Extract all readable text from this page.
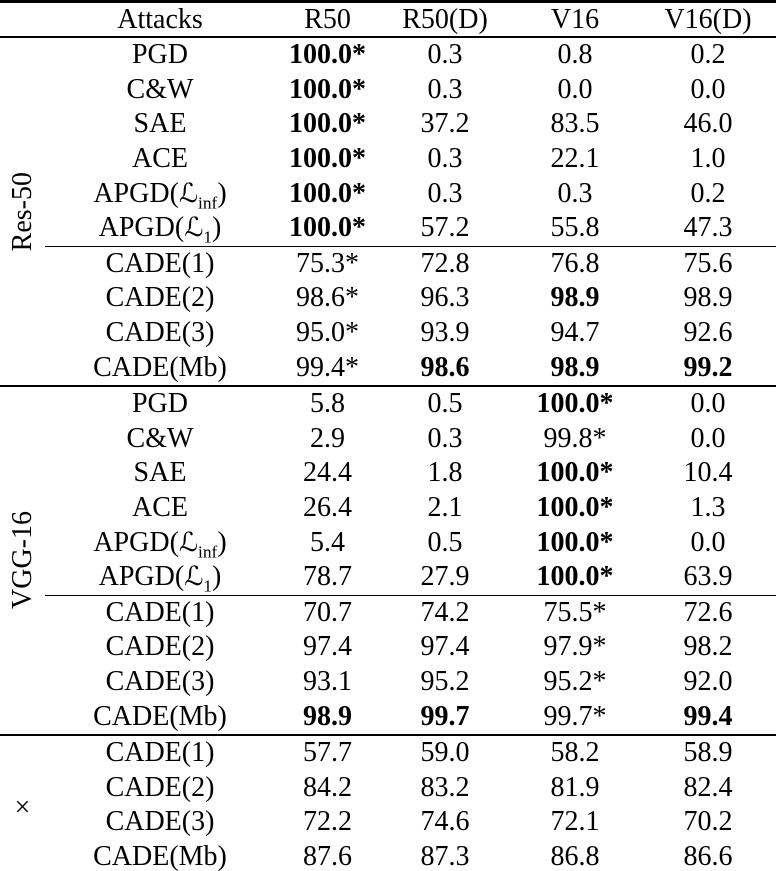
	Attacks	R50	R50(D)	V16	V16(D)

Res-50	PGD	100.0*	0.3	0.8	0.2
	C&W	100.0*	0.3	0.0	0.0
	SAE	100.0*	37.2	83.5	46.0
	ACE	100.0*	0.3	22.1	1.0
	APGD(ℒ$_{inf}$)	100.0*	0.3	0.3	0.2
	APGD(ℒ$_1$)	100.0*	57.2	55.8	47.3
	CADE(1)	75.3*	72.8	76.8	75.6
	CADE(2)	98.6*	96.3	98.9	98.9
	CADE(3)	95.0*	93.9	94.7	92.6
	CADE(Mb)	99.4*	98.6	98.9	99.2

VGG-16	PGD	5.8	0.5	100.0*	0.0
	C&W	2.9	0.3	99.8*	0.0
	SAE	24.4	1.8	100.0*	10.4
	ACE	26.4	2.1	100.0*	1.3
	APGD(ℒ$_{inf}$)	5.4	0.5	100.0*	0.0
	APGD(ℒ$_1$)	78.7	27.9	100.0*	63.9
	CADE(1)	70.7	74.2	75.5*	72.6
	CADE(2)	97.4	97.4	97.9*	98.2
	CADE(3)	93.1	95.2	95.2*	92.0
	CADE(Mb)	98.9	99.7	99.7*	99.4

×	CADE(1)	57.7	59.0	58.2	58.9
	CADE(2)	84.2	83.2	81.9	82.4
	CADE(3)	72.2	74.6	72.1	70.2
	CADE(Mb)	87.6	87.3	86.8	86.6
